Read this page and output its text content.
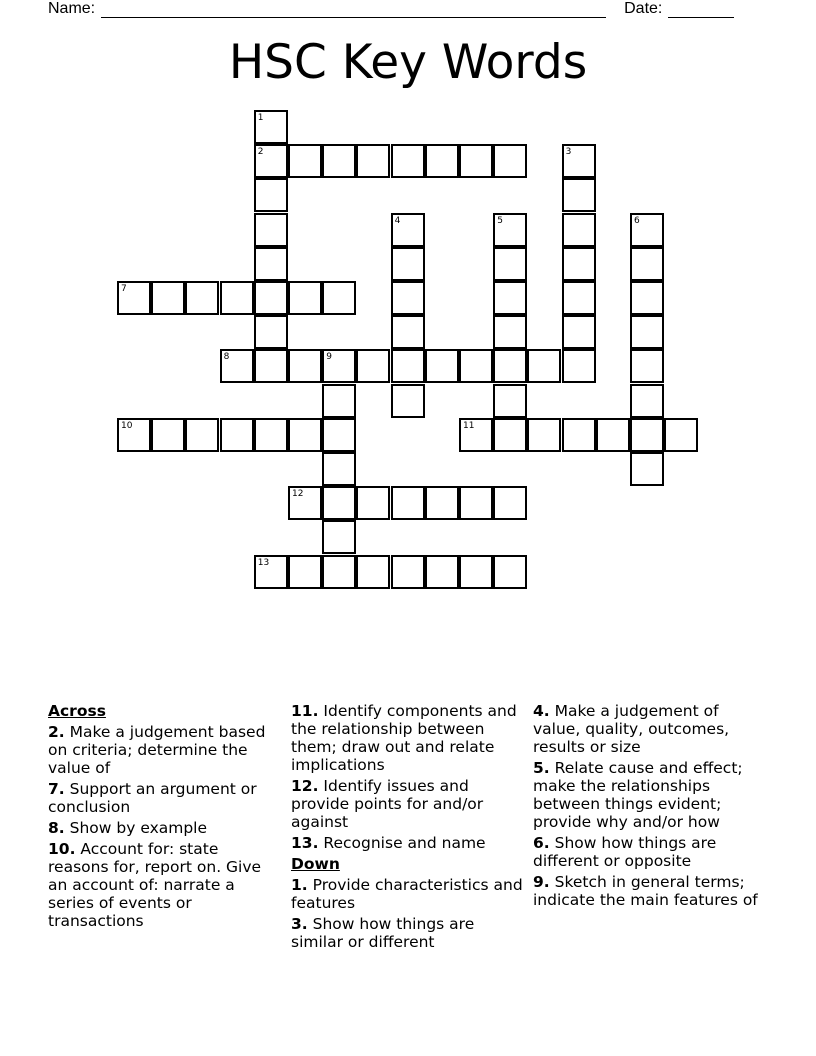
Name:	Date:
HSC Key Words
1
2	3
4	5	6
7
8	9
10	11
12
13
Across
2. Make a judgement based on criteria; determine the value of
7. Support an argument or conclusion
8. Show by example
10. Account for: state reasons for, report on. Give an account of: narrate a series of events or transactions
11. Identify components and the relationship between them; draw out and relate implications
12. Identify issues and provide points for and/or against
13. Recognise and name
Down
1. Provide characteristics and features
3. Show how things are similar or different
4. Make a judgement of value, quality, outcomes, results or size
5. Relate cause and effect; make the relationships between things evident; provide why and/or how
6. Show how things are different or opposite
9. Sketch in general terms; indicate the main features of
